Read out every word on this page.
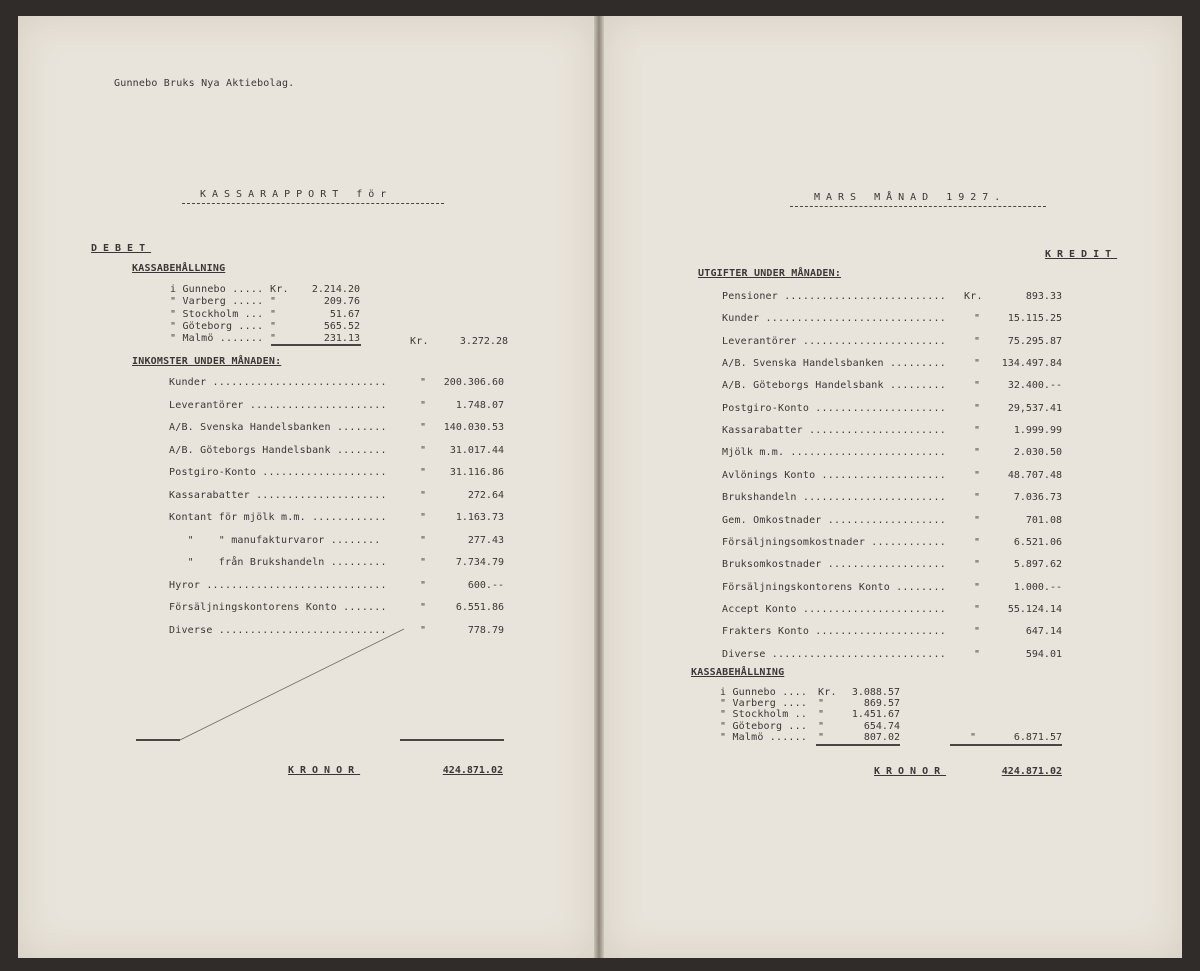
Gunnebo Bruks Nya Aktiebolag.
KASSARAPPORT för
DEBET
KASSABEHÅLLNING
Kr.	3.272.28
INKOMSTER UNDER MÅNADEN:
KRONOR	424.871.02
i Gunnebo ..... Kr.	2.214.20
" Varberg ..... "	209.76
" Stockholm ... "	51.67
" Göteborg .... "	565.52
" Malmö ....... "	231.13
Kunder ............................	"	200.306.60
Leverantörer ......................	"	1.748.07
A/B. Svenska Handelsbanken ........	"	140.030.53
A/B. Göteborgs Handelsbank ........	"	31.017.44
Postgiro-Konto ....................	"	31.116.86
Kassarabatter .....................	"	272.64
Kontant för mjölk m.m. ............	"	1.163.73
"    " manufakturvaror ........	"	277.43
"    från Brukshandeln .........	"	7.734.79
Hyror .............................	"	600.--
Försäljningskontorens Konto .......	"	6.551.86
Diverse ...........................	"	778.79
MARS MÅNAD 1927.
KREDIT
UTGIFTER UNDER MÅNADEN:
KASSABEHÅLLNING
"	6.871.57
KRONOR	424.871.02
Pensioner .......................... Kr.	893.33
Kunder .............................	"	15.115.25
Leverantörer .......................	"	75.295.87
A/B. Svenska Handelsbanken .........	"	134.497.84
A/B. Göteborgs Handelsbank .........	"	32.400.--
Postgiro-Konto .....................	"	29,537.41
Kassarabatter ......................	"	1.999.99
Mjölk m.m. .........................	"	2.030.50
Avlönings Konto ....................	"	48.707.48
Brukshandeln .......................	"	7.036.73
Gem. Omkostnader ...................	"	701.08
Försäljningsomkostnader ............	"	6.521.06
Bruksomkostnader ...................	"	5.897.62
Försäljningskontorens Konto ........	"	1.000.--
Accept Konto .......................	"	55.124.14
Frakters Konto .....................	"	647.14
Diverse ............................	"	594.01
i Gunnebo .... Kr.	3.088.57
" Varberg .... "	869.57
" Stockholm .. "	1.451.67
" Göteborg ... "	654.74
" Malmö ...... "	807.02
